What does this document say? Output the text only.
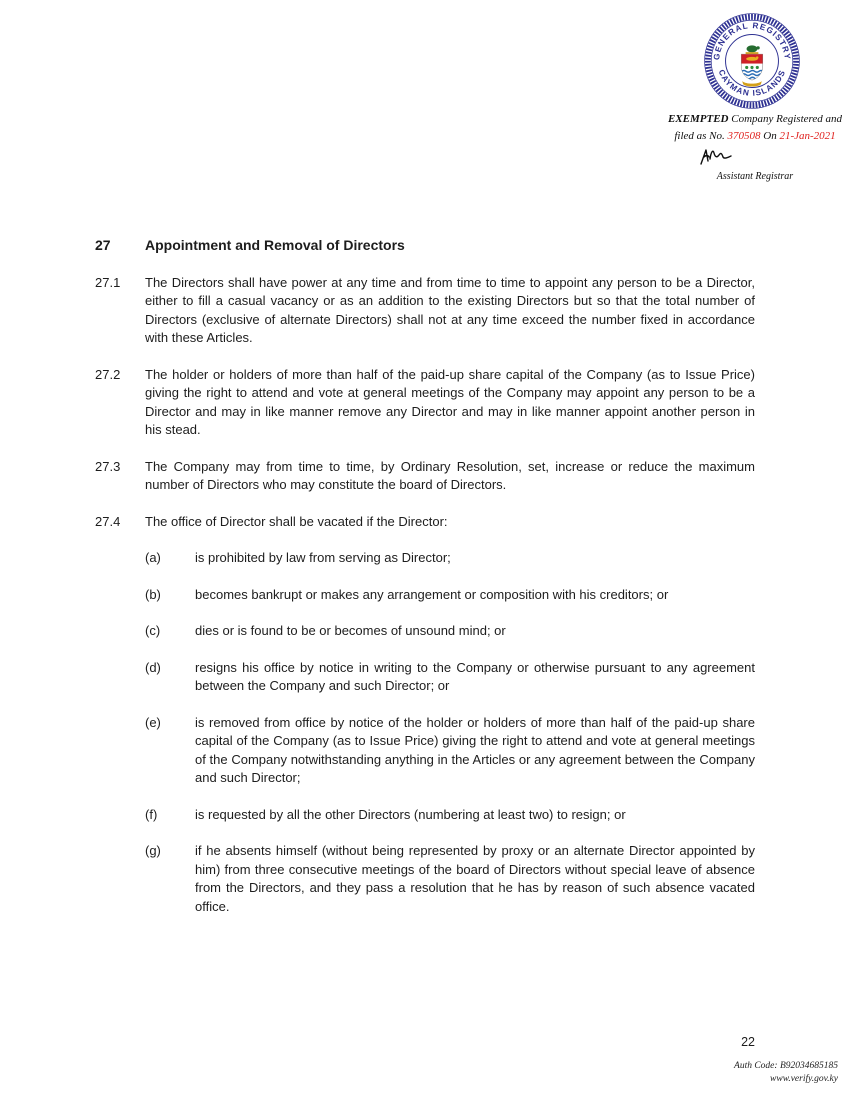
GENERAL REGISTRY
CAYMAN ISLANDS
EXEMPTED Company Registered and
filed as No. 370508 On 21-Jan-2021
Assistant Registrar
27	Appointment and Removal of Directors
27.1	The Directors shall have power at any time and from time to time to appoint any person to be a Director, either to fill a casual vacancy or as an addition to the existing Directors but so that the total number of Directors (exclusive of alternate Directors) shall not at any time exceed the number fixed in accordance with these Articles.
27.2	The holder or holders of more than half of the paid-up share capital of the Company (as to Issue Price) giving the right to attend and vote at general meetings of the Company may appoint any person to be a Director and may in like manner remove any Director and may in like manner appoint another person in his stead.
27.3	The Company may from time to time, by Ordinary Resolution, set, increase or reduce the maximum number of Directors who may constitute the board of Directors.
27.4	The office of Director shall be vacated if the Director:
(a)	is prohibited by law from serving as Director;
(b)	becomes bankrupt or makes any arrangement or composition with his creditors; or
(c)	dies or is found to be or becomes of unsound mind; or
(d)	resigns his office by notice in writing to the Company or otherwise pursuant to any agreement between the Company and such Director; or
(e)	is removed from office by notice of the holder or holders of more than half of the paid-up share capital of the Company (as to Issue Price) giving the right to attend and vote at general meetings of the Company notwithstanding anything in the Articles or any agreement between the Company and such Director;
(f)	is requested by all the other Directors (numbering at least two) to resign; or
(g)	if he absents himself (without being represented by proxy or an alternate Director appointed by him) from three consecutive meetings of the board of Directors without special leave of absence from the Directors, and they pass a resolution that he has by reason of such absence vacated office.
22
Auth Code: B92034685185
www.verify.gov.ky
